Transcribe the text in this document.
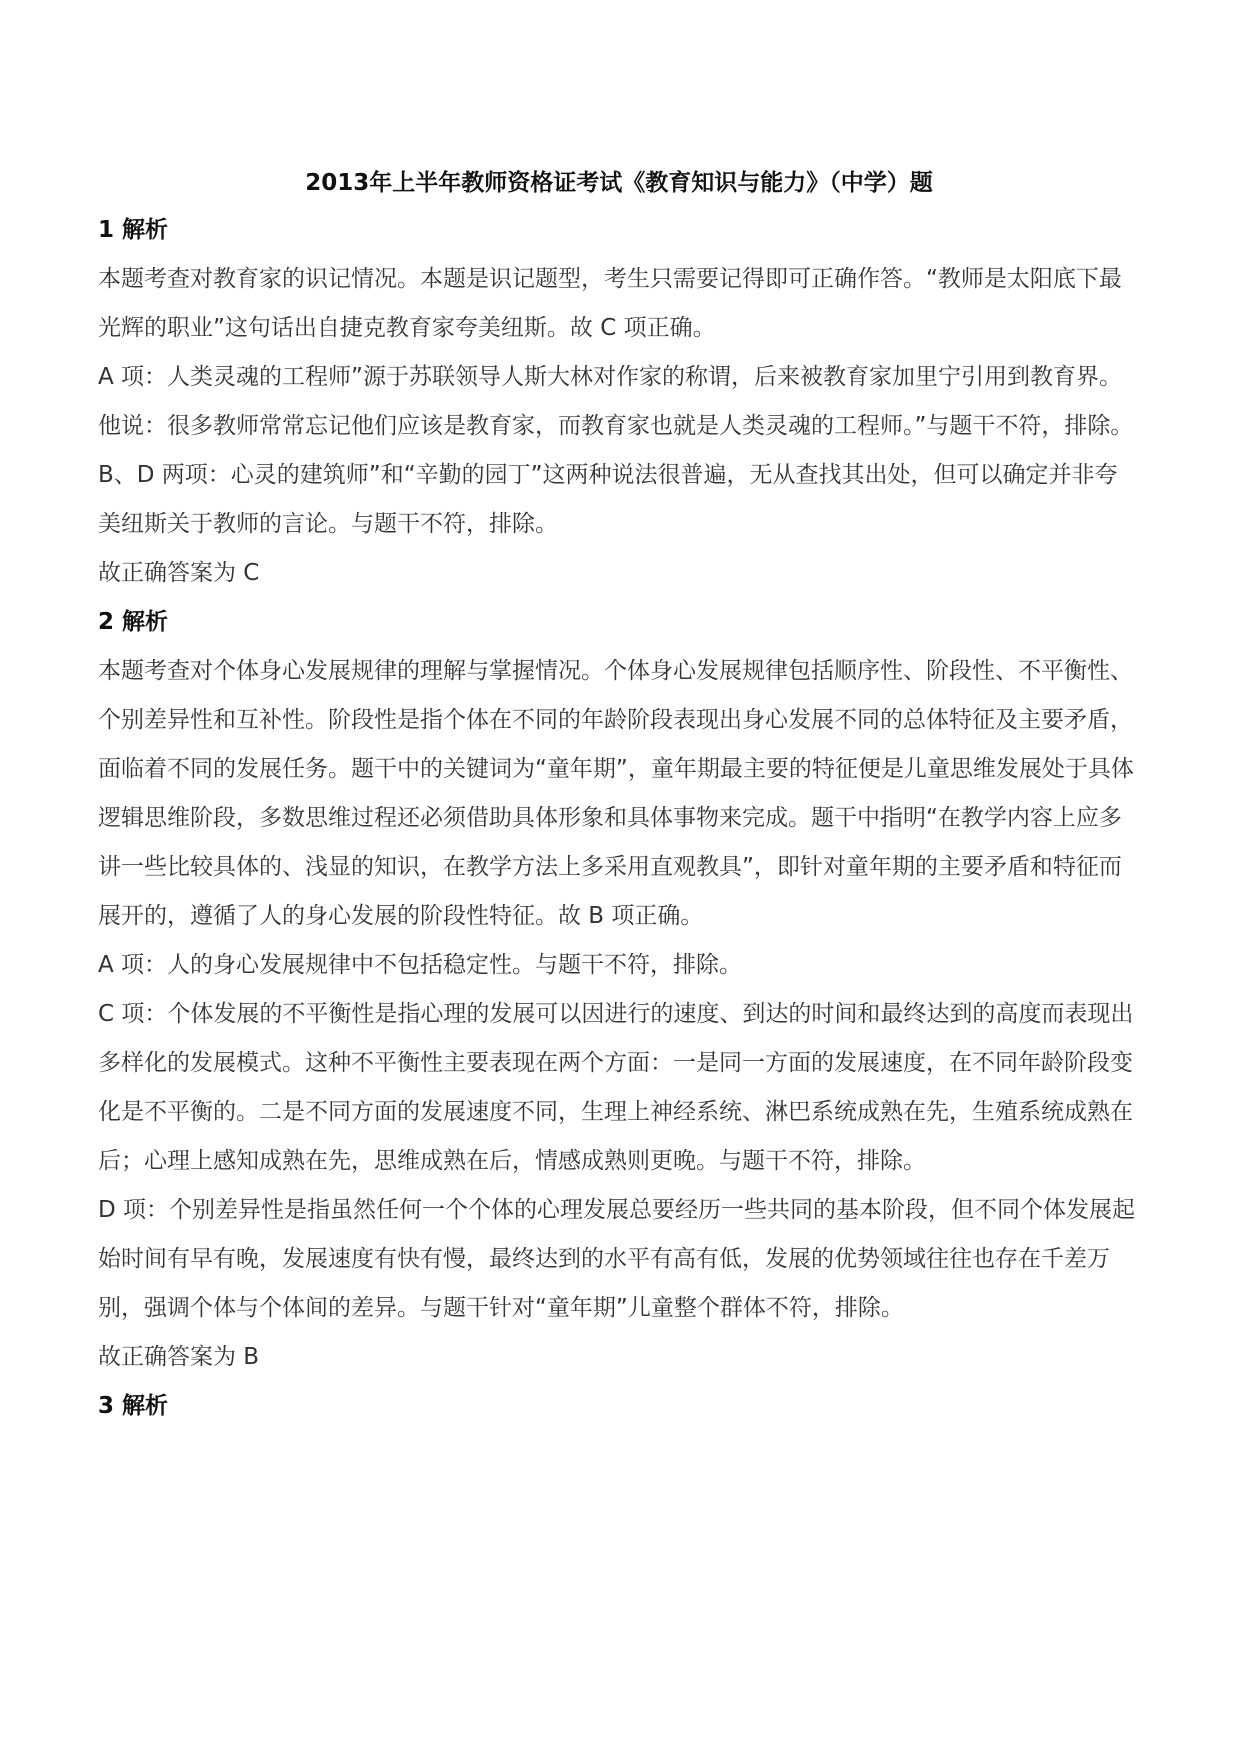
2013年上半年教师资格证考试《教育知识与能力》（中学）题
1 解析

本题考查对教育家的识记情况。本题是识记题型，考生只需要记得即可正确作答。“教师是太阳底下最光辉的职业”这句话出自捷克教育家夸美纽斯。故 C 项正确。

A 项：人类灵魂的工程师”源于苏联领导人斯大林对作家的称谓，后来被教育家加里宁引用到教育界。他说：很多教师常常忘记他们应该是教育家，而教育家也就是人类灵魂的工程师。”与题干不符，排除。

B、D 两项：心灵的建筑师”和“辛勤的园丁”这两种说法很普遍，无从查找其出处，但可以确定并非夸美纽斯关于教师的言论。与题干不符，排除。

故正确答案为 C

2 解析

本题考查对个体身心发展规律的理解与掌握情况。个体身心发展规律包括顺序性、阶段性、不平衡性、个别差异性和互补性。阶段性是指个体在不同的年龄阶段表现出身心发展不同的总体特征及主要矛盾，面临着不同的发展任务。题干中的关键词为“童年期”，童年期最主要的特征便是儿童思维发展处于具体逻辑思维阶段，多数思维过程还必须借助具体形象和具体事物来完成。题干中指明“在教学内容上应多讲一些比较具体的、浅显的知识，在教学方法上多采用直观教具”，即针对童年期的主要矛盾和特征而展开的，遵循了人的身心发展的阶段性特征。故 B 项正确。

A 项：人的身心发展规律中不包括稳定性。与题干不符，排除。

C 项：个体发展的不平衡性是指心理的发展可以因进行的速度、到达的时间和最终达到的高度而表现出多样化的发展模式。这种不平衡性主要表现在两个方面：一是同一方面的发展速度，在不同年龄阶段变化是不平衡的。二是不同方面的发展速度不同，生理上神经系统、淋巴系统成熟在先，生殖系统成熟在后；心理上感知成熟在先，思维成熟在后，情感成熟则更晚。与题干不符，排除。

D 项：个别差异性是指虽然任何一个个体的心理发展总要经历一些共同的基本阶段，但不同个体发展起始时间有早有晚，发展速度有快有慢，最终达到的水平有高有低，发展的优势领域往往也存在千差万别，强调个体与个体间的差异。与题干针对“童年期”儿童整个群体不符，排除。

故正确答案为 B

3 解析
